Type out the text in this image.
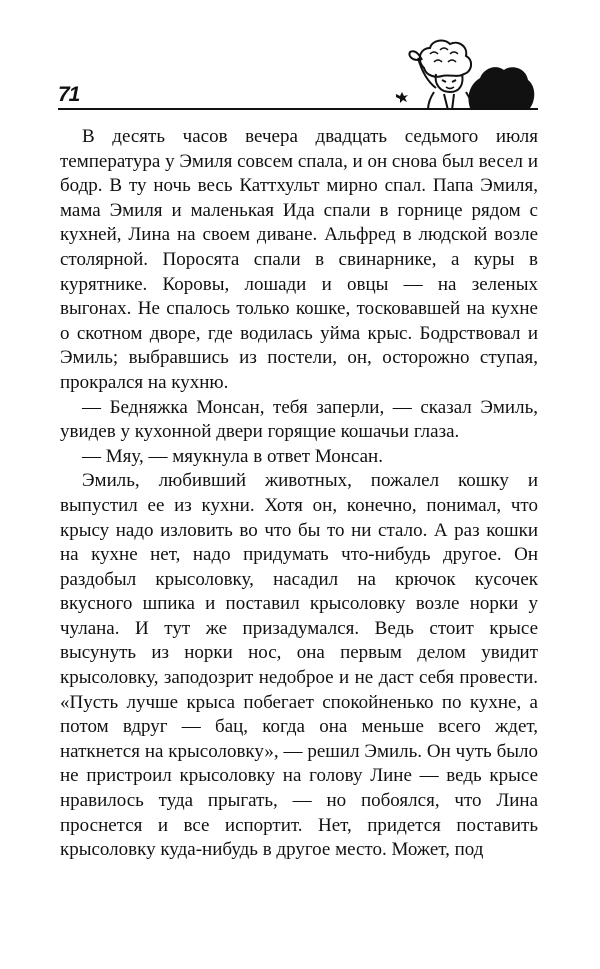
71

В десять часов вечера двадцать седьмого июля температура у Эмиля совсем спала, и он снова был весел и бодр. В ту ночь весь Каттхульт мирно спал. Папа Эмиля, мама Эмиля и маленькая Ида спали в горнице рядом с кухней, Лина на своем диване. Альфред в людской возле столярной. Поросята спали в свинарнике, а куры в курятнике. Коровы, лошади и овцы — на зеленых выгонах. Не спалось только кошке, тосковавшей на кухне о скотном дворе, где водилась уйма крыс. Бодрствовал и Эмиль; выбравшись из постели, он, осторожно ступая, прокрался на кухню.

— Бедняжка Монсан, тебя заперли, — сказал Эмиль, увидев у кухонной двери горящие кошачьи глаза.

— Мяу, — мяукнула в ответ Монсан.

Эмиль, любивший животных, пожалел кошку и выпустил ее из кухни. Хотя он, конечно, понимал, что крысу надо изловить во что бы то ни стало. А раз кошки на кухне нет, надо придумать что-нибудь другое. Он раздобыл крысоловку, насадил на крючок кусочек вкусного шпика и поставил крысоловку возле норки у чулана. И тут же призадумался. Ведь стоит крысе высунуть из норки нос, она первым делом увидит крысоловку, заподозрит недоброе и не даст себя провести. «Пусть лучше крыса побегает спокойненько по кухне, а потом вдруг — бац, когда она меньше всего ждет, наткнется на крысоловку», — решил Эмиль. Он чуть было не пристроил крысоловку на голову Лине — ведь крысе нравилось туда прыгать, — но побоялся, что Лина проснется и все испортит. Нет, придется поставить крысоловку куда-нибудь в другое место. Может, под
